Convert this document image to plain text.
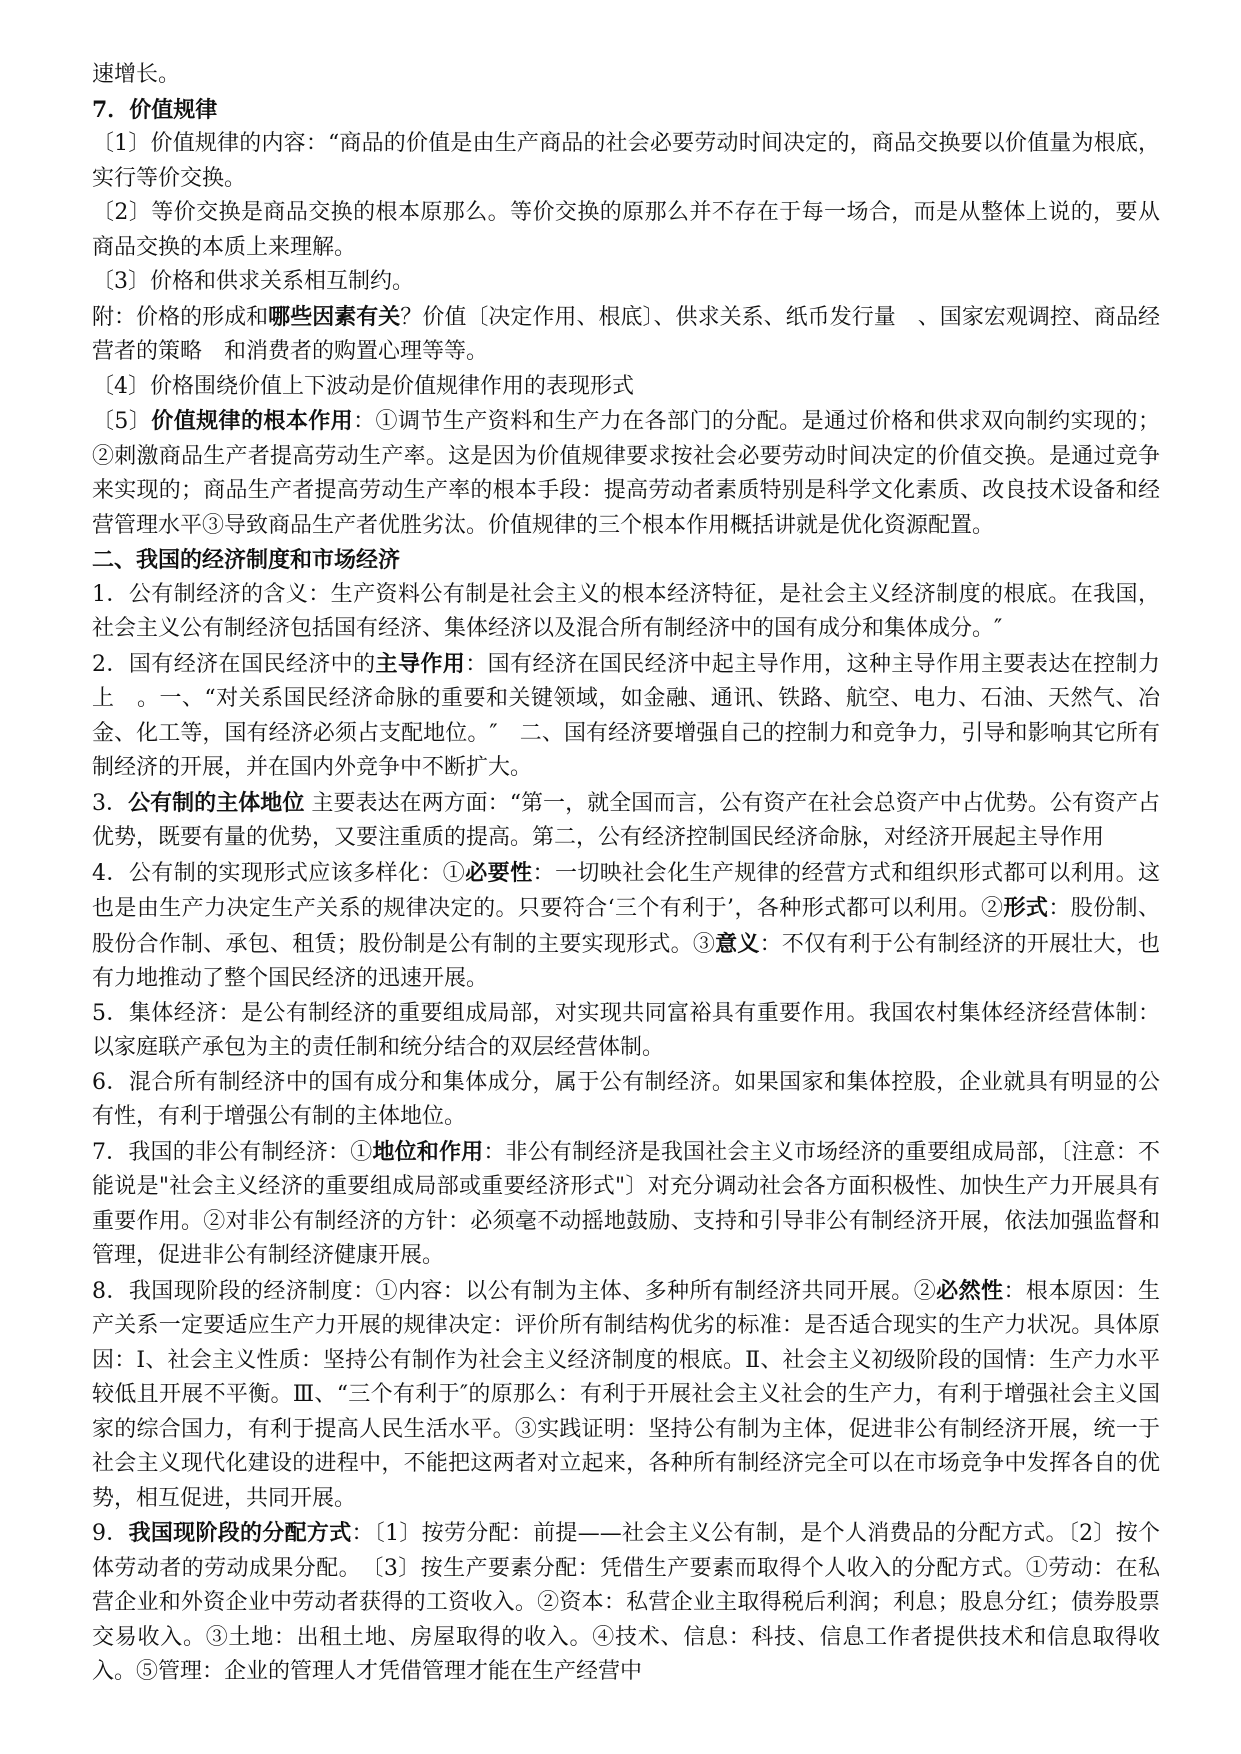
速增长。

7．价值规律

〔1〕价值规律的内容：“商品的价值是由生产商品的社会必要劳动时间决定的，商品交换要以价值量为根底，实行等价交换。

〔2〕等价交换是商品交换的根本原那么。等价交换的原那么并不存在于每一场合，而是从整体上说的，要从商品交换的本质上来理解。

〔3〕价格和供求关系相互制约。

附：价格的形成和哪些因素有关？价值〔决定作用、根底〕、供求关系、纸币发行量　、国家宏观调控、商品经营者的策略　和消费者的购置心理等等。

〔4〕价格围绕价值上下波动是价值规律作用的表现形式

〔5〕价值规律的根本作用：①调节生产资料和生产力在各部门的分配。是通过价格和供求双向制约实现的；②刺激商品生产者提高劳动生产率。这是因为价值规律要求按社会必要劳动时间决定的价值交换。是通过竞争来实现的；商品生产者提高劳动生产率的根本手段：提高劳动者素质特别是科学文化素质、改良技术设备和经营管理水平③导致商品生产者优胜劣汰。价值规律的三个根本作用概括讲就是优化资源配置。

二、我国的经济制度和市场经济

1．公有制经济的含义：生产资料公有制是社会主义的根本经济特征，是社会主义经济制度的根底。在我国，社会主义公有制经济包括国有经济、集体经济以及混合所有制经济中的国有成分和集体成分。″

2．国有经济在国民经济中的主导作用：国有经济在国民经济中起主导作用，这种主导作用主要表达在控制力上　。一、“对关系国民经济命脉的重要和关键领域，如金融、通讯、铁路、航空、电力、石油、天然气、冶　金、化工等，国有经济必须占支配地位。″　二、国有经济要增强自己的控制力和竞争力，引导和影响其它所有制经济的开展，并在国内外竞争中不断扩大。

3．公有制的主体地位 主要表达在两方面：“第一，就全国而言，公有资产在社会总资产中占优势。公有资产占优势，既要有量的优势，又要注重质的提高。第二，公有经济控制国民经济命脉，对经济开展起主导作用

4．公有制的实现形式应该多样化：①必要性：一切映社会化生产规律的经营方式和组织形式都可以利用。这也是由生产力决定生产关系的规律决定的。只要符合‘三个有利于’，各种形式都可以利用。②形式：股份制、股份合作制、承包、租赁；股份制是公有制的主要实现形式。③意义：不仅有利于公有制经济的开展壮大，也有力地推动了整个国民经济的迅速开展。

5．集体经济：是公有制经济的重要组成局部，对实现共同富裕具有重要作用。我国农村集体经济经营体制：以家庭联产承包为主的责任制和统分结合的双层经营体制。

6．混合所有制经济中的国有成分和集体成分，属于公有制经济。如果国家和集体控股，企业就具有明显的公有性，有利于增强公有制的主体地位。

7．我国的非公有制经济：①地位和作用：非公有制经济是我国社会主义市场经济的重要组成局部，〔注意：不能说是"社会主义经济的重要组成局部或重要经济形式"〕对充分调动社会各方面积极性、加快生产力开展具有重要作用。②对非公有制经济的方针：必须毫不动摇地鼓励、支持和引导非公有制经济开展，依法加强监督和管理，促进非公有制经济健康开展。

8．我国现阶段的经济制度：①内容：以公有制为主体、多种所有制经济共同开展。②必然性：根本原因：生产关系一定要适应生产力开展的规律决定：评价所有制结构优劣的标准：是否适合现实的生产力状况。具体原因：Ⅰ、社会主义性质：坚持公有制作为社会主义经济制度的根底。Ⅱ、社会主义初级阶段的国情：生产力水平较低且开展不平衡。Ⅲ、“三个有利于″的原那么：有利于开展社会主义社会的生产力，有利于增强社会主义国家的综合国力，有利于提高人民生活水平。③实践证明：坚持公有制为主体，促进非公有制经济开展，统一于社会主义现代化建设的进程中，不能把这两者对立起来，各种所有制经济完全可以在市场竞争中发挥各自的优势，相互促进，共同开展。

9．我国现阶段的分配方式：〔1〕按劳分配：前提——社会主义公有制，是个人消费品的分配方式。〔2〕按个体劳动者的劳动成果分配。　〔3〕按生产要素分配：凭借生产要素而取得个人收入的分配方式。①劳动：在私营企业和外资企业中劳动者获得的工资收入。②资本：私营企业主取得税后利润；利息；股息分红；债券股票交易收入。③土地：出租土地、房屋取得的收入。④技术、信息：科技、信息工作者提供技术和信息取得收入。⑤管理：企业的管理人才凭借管理才能在生产经营中
